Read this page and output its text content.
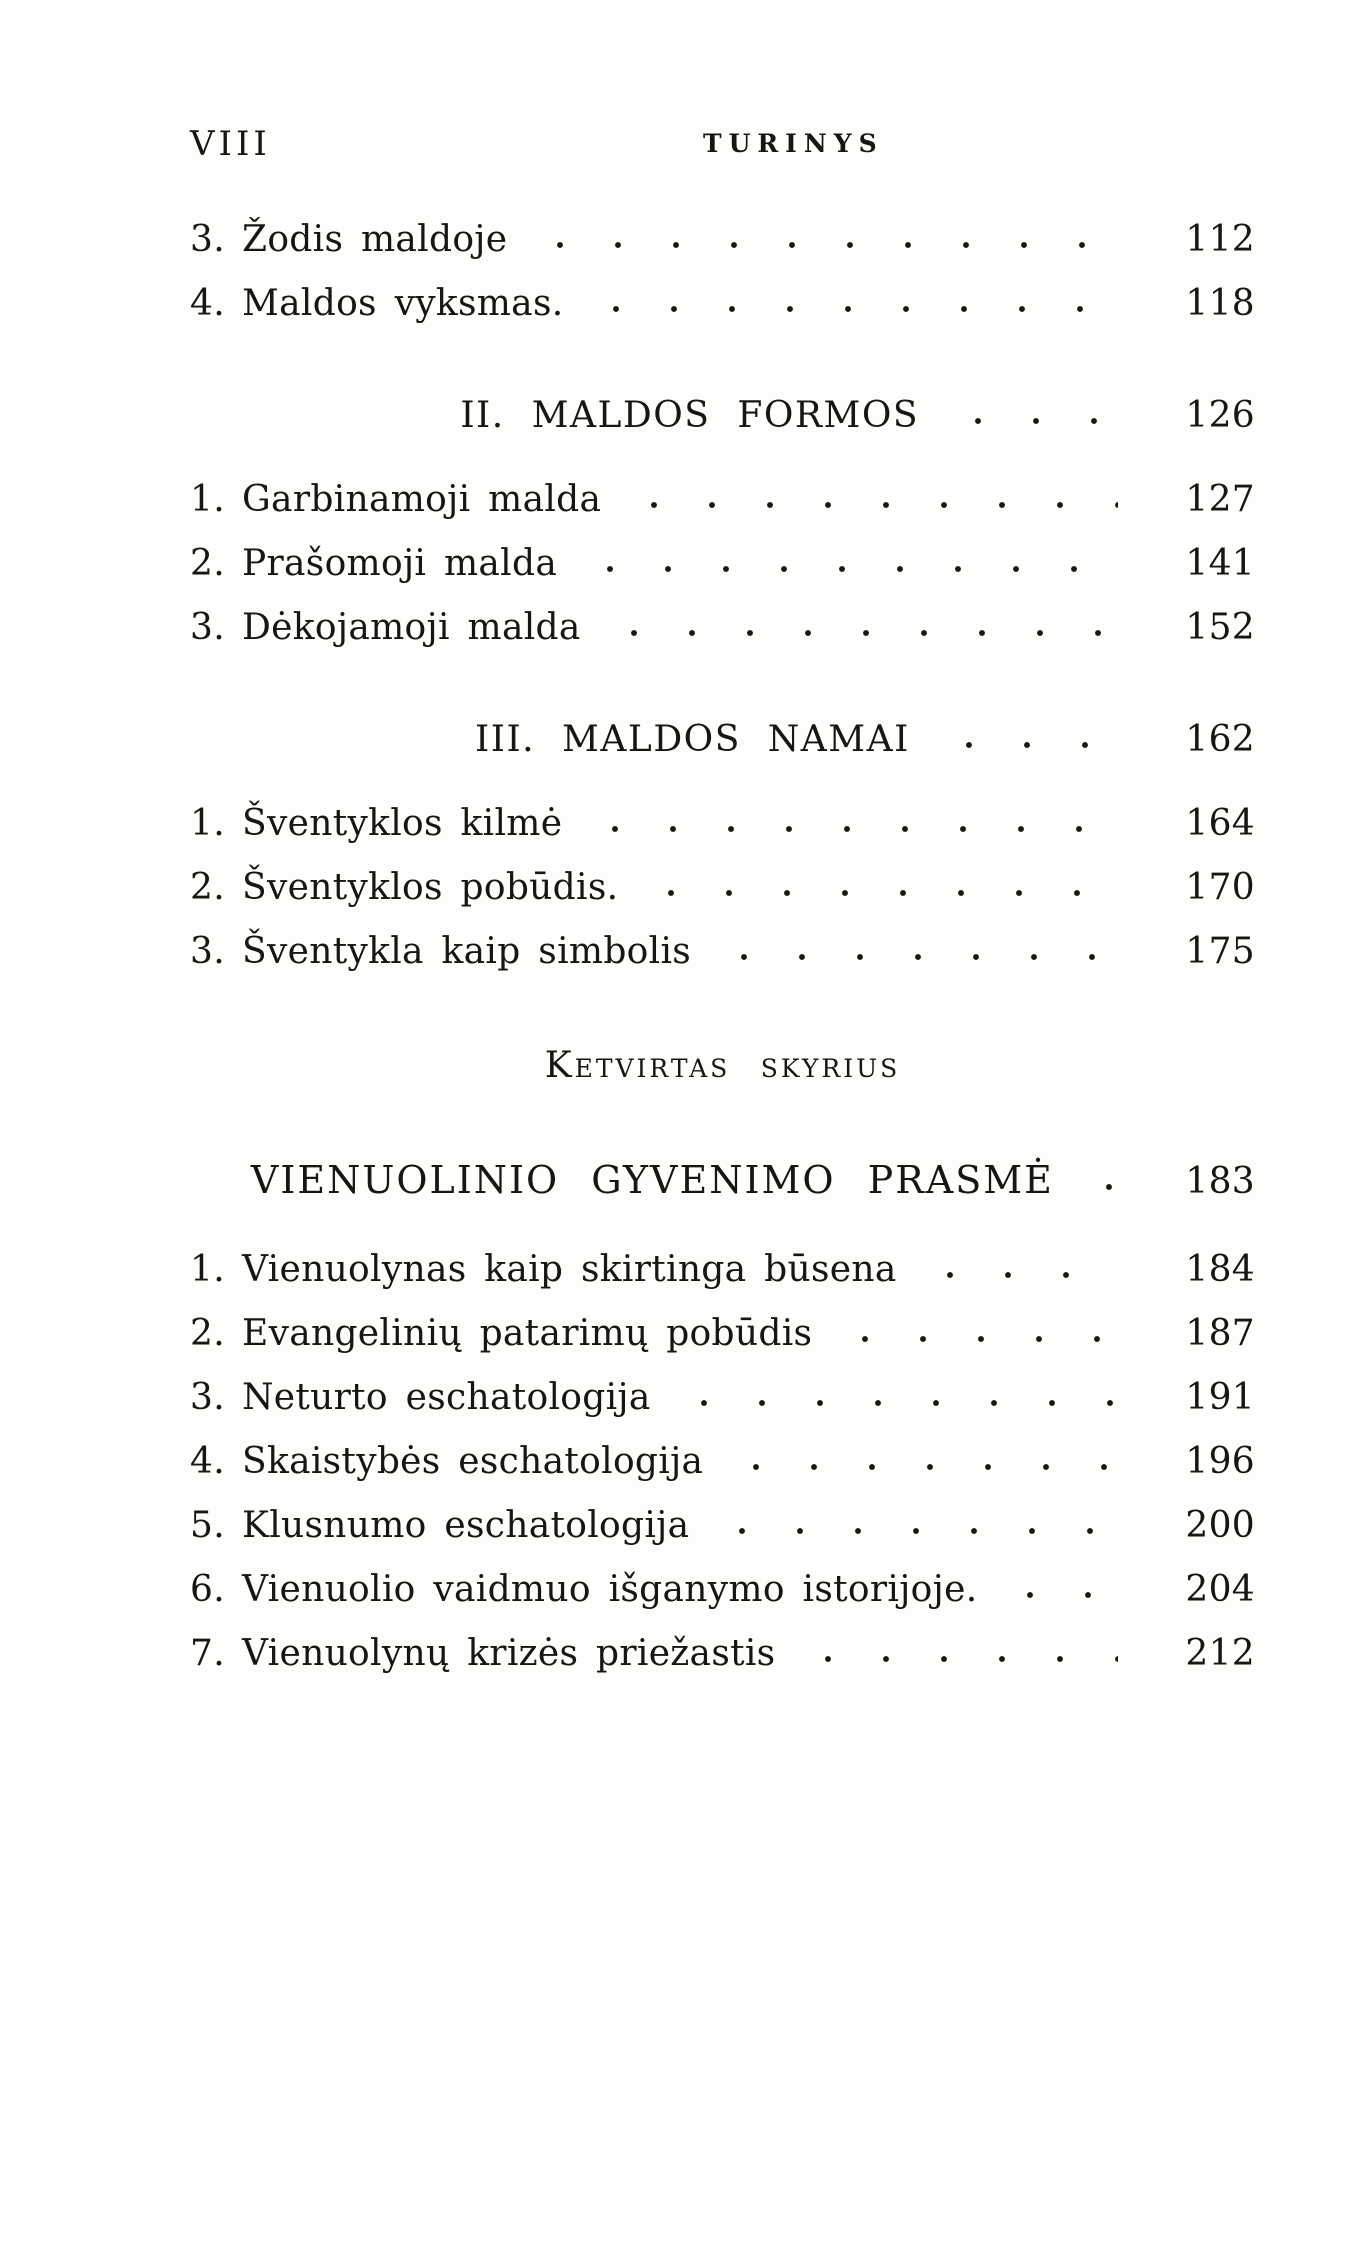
VIII	TURINYS
3. Žodis maldoje	112
4. Maldos vyksmas.	118
II. MALDOS FORMOS	126
1. Garbinamoji malda	127
2. Prašomoji malda	141
3. Dėkojamoji malda	152
III. MALDOS NAMAI	162
1. Šventyklos kilmė	164
2. Šventyklos pobūdis.	170
3. Šventykla kaip simbolis	175
Ketvirtas skyrius
VIENUOLINIO GYVENIMO PRASMĖ	183
1. Vienuolynas kaip skirtinga būsena	184
2. Evangelinių patarimų pobūdis	187
3. Neturto eschatologija	191
4. Skaistybės eschatologija	196
5. Klusnumo eschatologija	200
6. Vienuolio vaidmuo išganymo istorijoje.	204
7. Vienuolynų krizės priežastis	212
